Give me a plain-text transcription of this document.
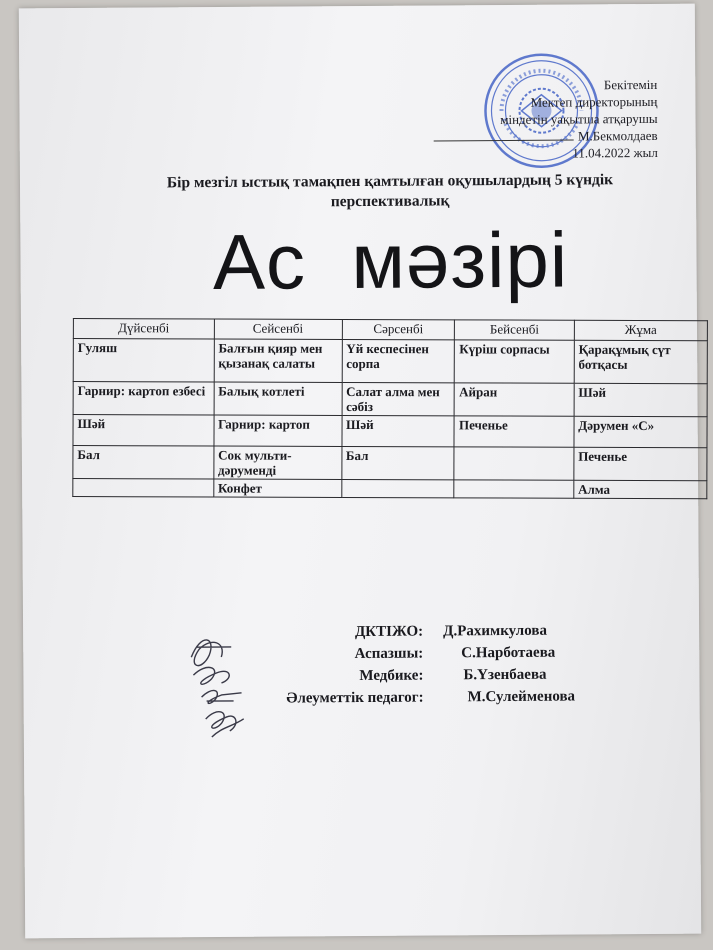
Бекітемін
Мектеп директорының
міндетін уақытша атқарушы
М.Бекмолдаев
11.04.2022 жыл
Бір мезгіл ыстық тамақпен қамтылған оқушылардың 5 күндік перспективалық
Ас  мәзірі
Дүйсенбі	Сейсенбі	Сәрсенбі	Бейсенбі	Жұма
Гуляш	Балғын қияр мен қызанақ салаты	Үй кеспесінен сорпа	Күріш сорпасы	Қарақұмық сүт ботқасы
Гарнир: картоп езбесі	Балық котлеті	Салат алма мен сәбіз	Айран	Шәй
Шәй	Гарнир: картоп	Шәй	Печенье	Дәрумен «С»
Бал	Сок мульти-дәруменді	Бал		Печенье
	Конфет			Алма
ДКТІЖО: Д.Рахимкулова
Аспазшы:	С.Нарботаева
Медбике:	Б.Үзенбаева
Әлеуметтік педагог:	М.Сулейменова
